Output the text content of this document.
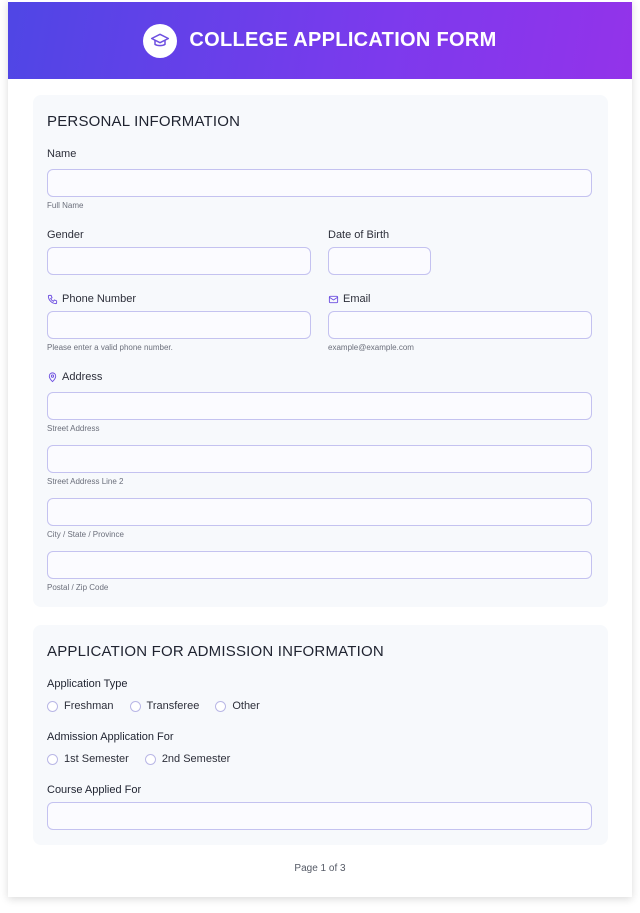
COLLEGE APPLICATION FORM
PERSONAL INFORMATION
Name
Full Name
Gender	Date of Birth
Phone Number
Please enter a valid phone number.
Email
example@example.com
Address
Street Address
Street Address Line 2
City / State / Province
Postal / Zip Code
APPLICATION FOR ADMISSION INFORMATION
Application Type
Freshman	Transferee	Other
Admission Application For
1st Semester	2nd Semester
Course Applied For
Page 1 of 3
